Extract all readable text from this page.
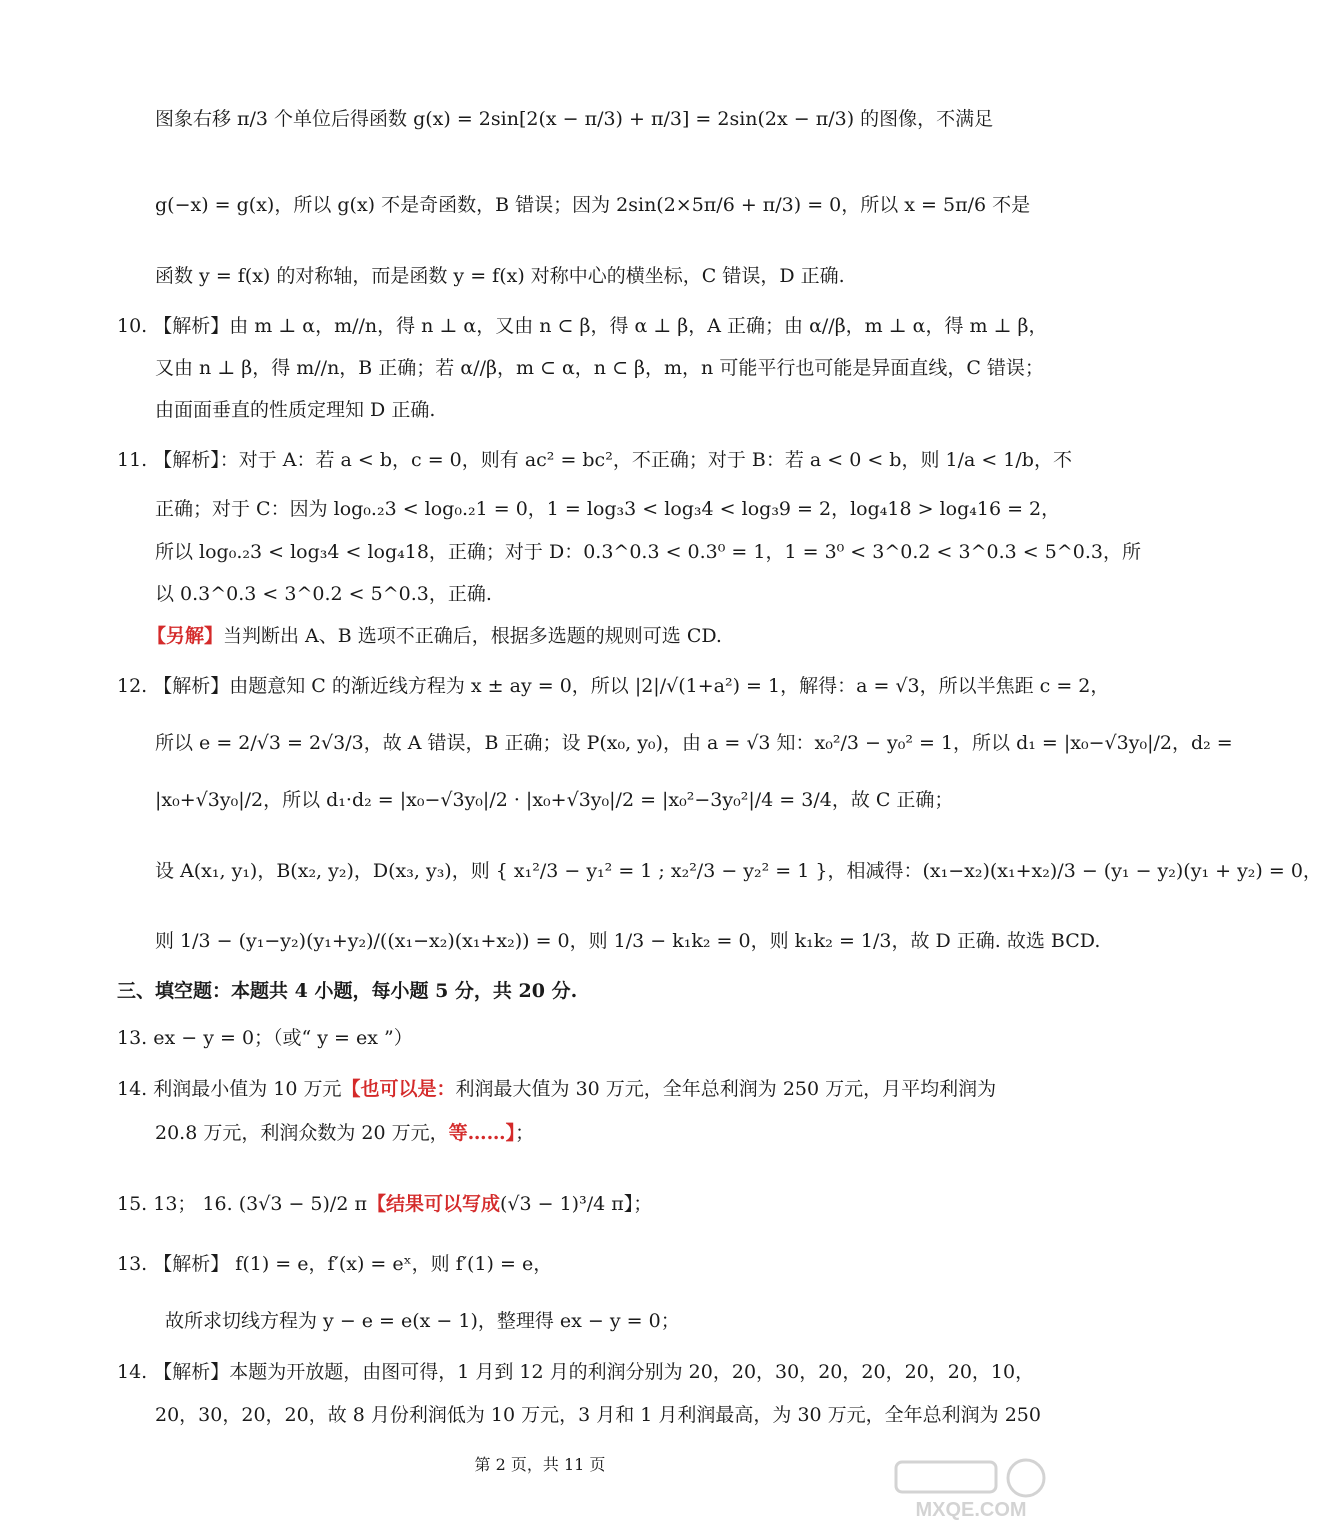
图象右移 π/3 个单位后得函数 g(x) = 2sin[2(x − π/3) + π/3] = 2sin(2x − π/3) 的图像，不满足
g(−x) = g(x)，所以 g(x) 不是奇函数，B 错误；因为 2sin(2×5π/6 + π/3) = 0，所以 x = 5π/6 不是
函数 y = f(x) 的对称轴，而是函数 y = f(x) 对称中心的横坐标，C 错误，D 正确.
10. 【解析】由 m ⊥ α，m//n，得 n ⊥ α，又由 n ⊂ β，得 α ⊥ β，A 正确；由 α//β，m ⊥ α，得 m ⊥ β，
又由 n ⊥ β，得 m//n，B 正确；若 α//β，m ⊂ α，n ⊂ β，m，n 可能平行也可能是异面直线，C 错误；
由面面垂直的性质定理知 D 正确.
11. 【解析】：对于 A：若 a < b，c = 0，则有 ac² = bc²，不正确；对于 B：若 a < 0 < b，则 1/a < 1/b，不
正确；对于 C：因为 log₀.₂3 < log₀.₂1 = 0，1 = log₃3 < log₃4 < log₃9 = 2，log₄18 > log₄16 = 2，
所以 log₀.₂3 < log₃4 < log₄18，正确；对于 D：0.3^0.3 < 0.3⁰ = 1，1 = 3⁰ < 3^0.2 < 3^0.3 < 5^0.3，所
以 0.3^0.3 < 3^0.2 < 5^0.3，正确.
【另解】当判断出 A、B 选项不正确后，根据多选题的规则可选 CD.
12. 【解析】由题意知 C 的渐近线方程为 x ± ay = 0，所以 |2|/√(1+a²) = 1，解得：a = √3，所以半焦距 c = 2，
所以 e = 2/√3 = 2√3/3，故 A 错误，B 正确；设 P(x₀, y₀)，由 a = √3 知：x₀²/3 − y₀² = 1，所以 d₁ = |x₀−√3y₀|/2，d₂ =
|x₀+√3y₀|/2，所以 d₁·d₂ = |x₀−√3y₀|/2 · |x₀+√3y₀|/2 = |x₀²−3y₀²|/4 = 3/4，故 C 正确；
设 A(x₁, y₁)，B(x₂, y₂)，D(x₃, y₃)，则 { x₁²/3 − y₁² = 1 ; x₂²/3 − y₂² = 1 }，相减得：(x₁−x₂)(x₁+x₂)/3 − (y₁ − y₂)(y₁ + y₂) = 0，
则 1/3 − (y₁−y₂)(y₁+y₂)/((x₁−x₂)(x₁+x₂)) = 0，则 1/3 − k₁k₂ = 0，则 k₁k₂ = 1/3，故 D 正确. 故选 BCD.
三、填空题：本题共 4 小题，每小题 5 分，共 20 分.
13. ex − y = 0；（或“ y = ex ”）
14. 利润最小值为 10 万元【也可以是：利润最大值为 30 万元，全年总利润为 250 万元，月平均利润为
20.8 万元，利润众数为 20 万元，等……】；
15. 13； 16. (3√3 − 5)/2 π【结果可以写成(√3 − 1)³/4 π】；
13. 【解析】 f(1) = e，f′(x) = eˣ，则 f′(1) = e，
故所求切线方程为 y − e = e(x − 1)，整理得 ex − y = 0；
14. 【解析】本题为开放题，由图可得，1 月到 12 月的利润分别为 20，20，30，20，20，20，20，10，
20，30，20，20，故 8 月份利润低为 10 万元，3 月和 1 月利润最高，为 30 万元，全年总利润为 250
第 2 页，共 11 页
MXQE.COM
